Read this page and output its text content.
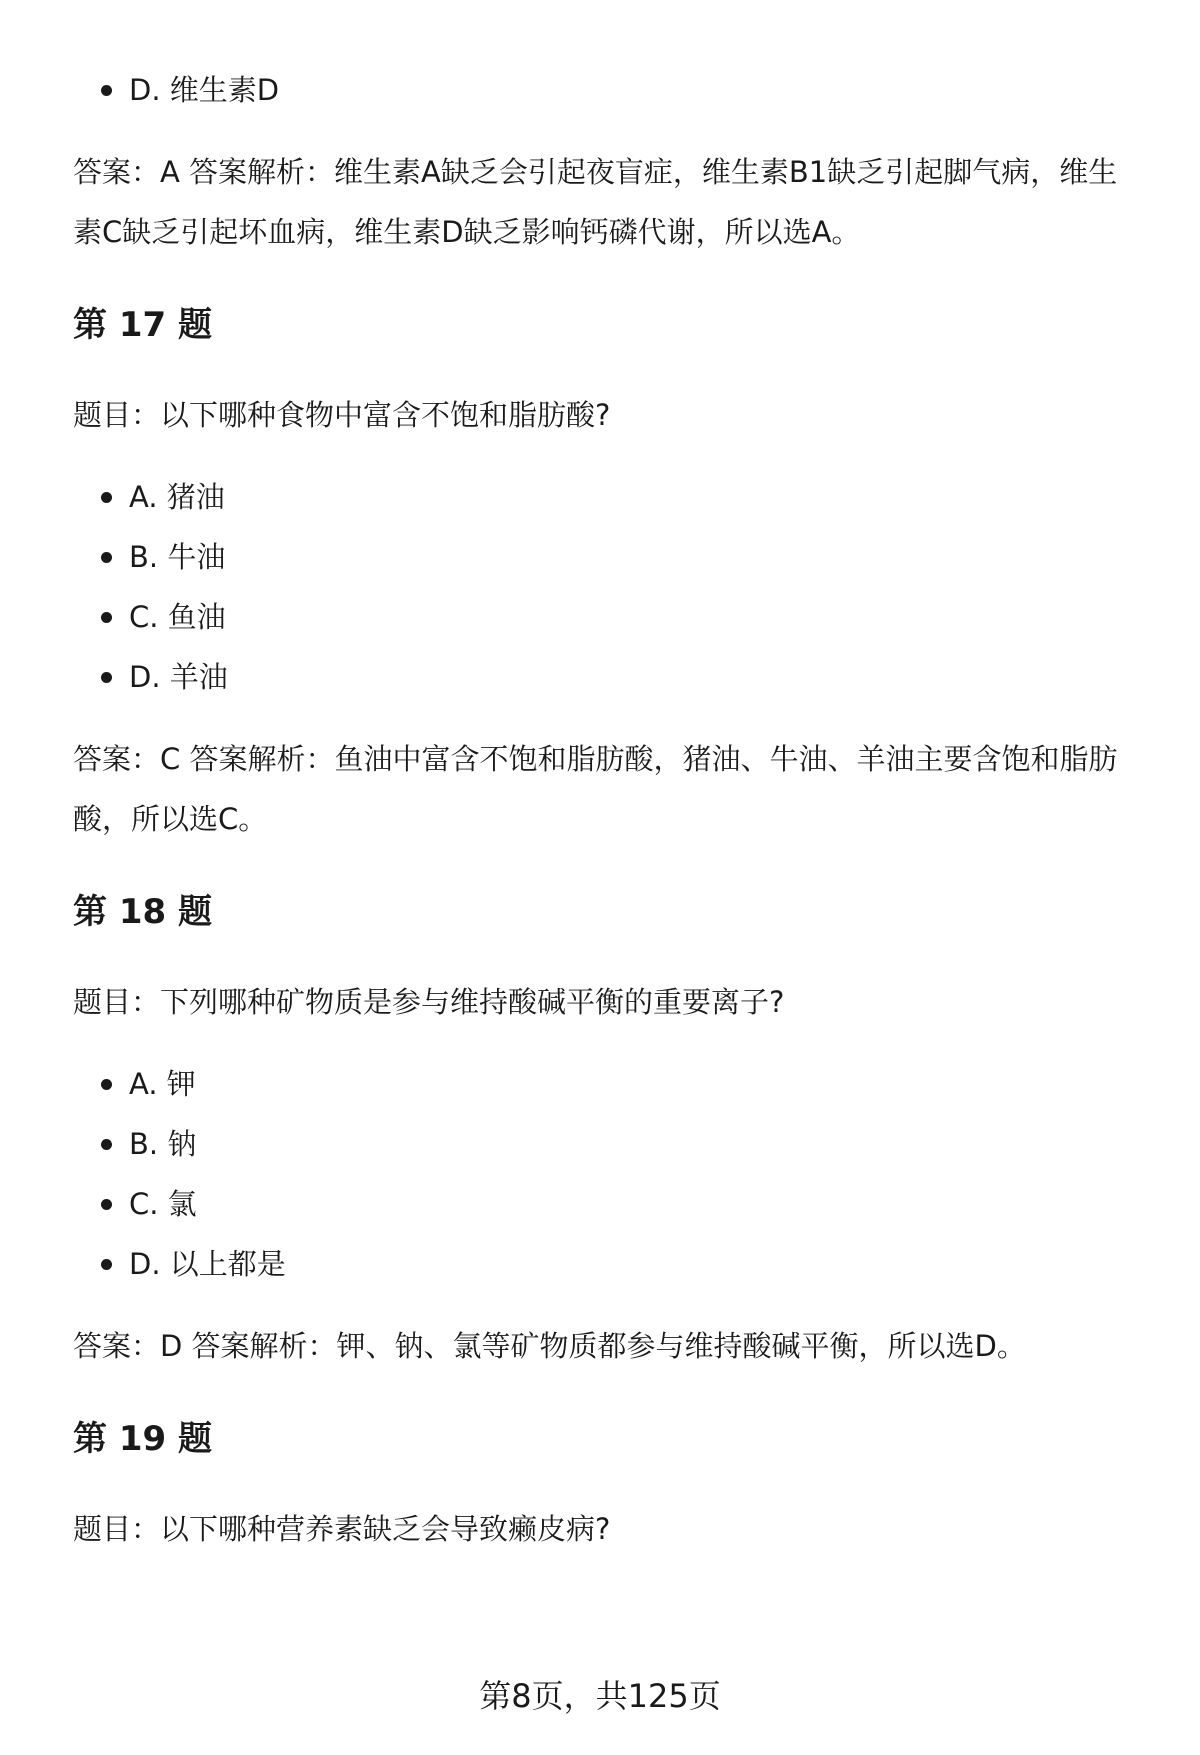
D. 维生素D

答案：A 答案解析：维生素A缺乏会引起夜盲症，维生素B1缺乏引起脚气病，维生

素C缺乏引起坏血病，维生素D缺乏影响钙磷代谢，所以选A。

第 17 题

题目：以下哪种食物中富含不饱和脂肪酸?

A. 猪油
B. 牛油
C. 鱼油
D. 羊油

答案：C 答案解析：鱼油中富含不饱和脂肪酸，猪油、牛油、羊油主要含饱和脂肪

酸，所以选C。

第 18 题

题目：下列哪种矿物质是参与维持酸碱平衡的重要离子?

A. 钾
B. 钠
C. 氯
D. 以上都是

答案：D 答案解析：钾、钠、氯等矿物质都参与维持酸碱平衡，所以选D。

第 19 题

题目：以下哪种营养素缺乏会导致癞皮病?

第8页，共125页
